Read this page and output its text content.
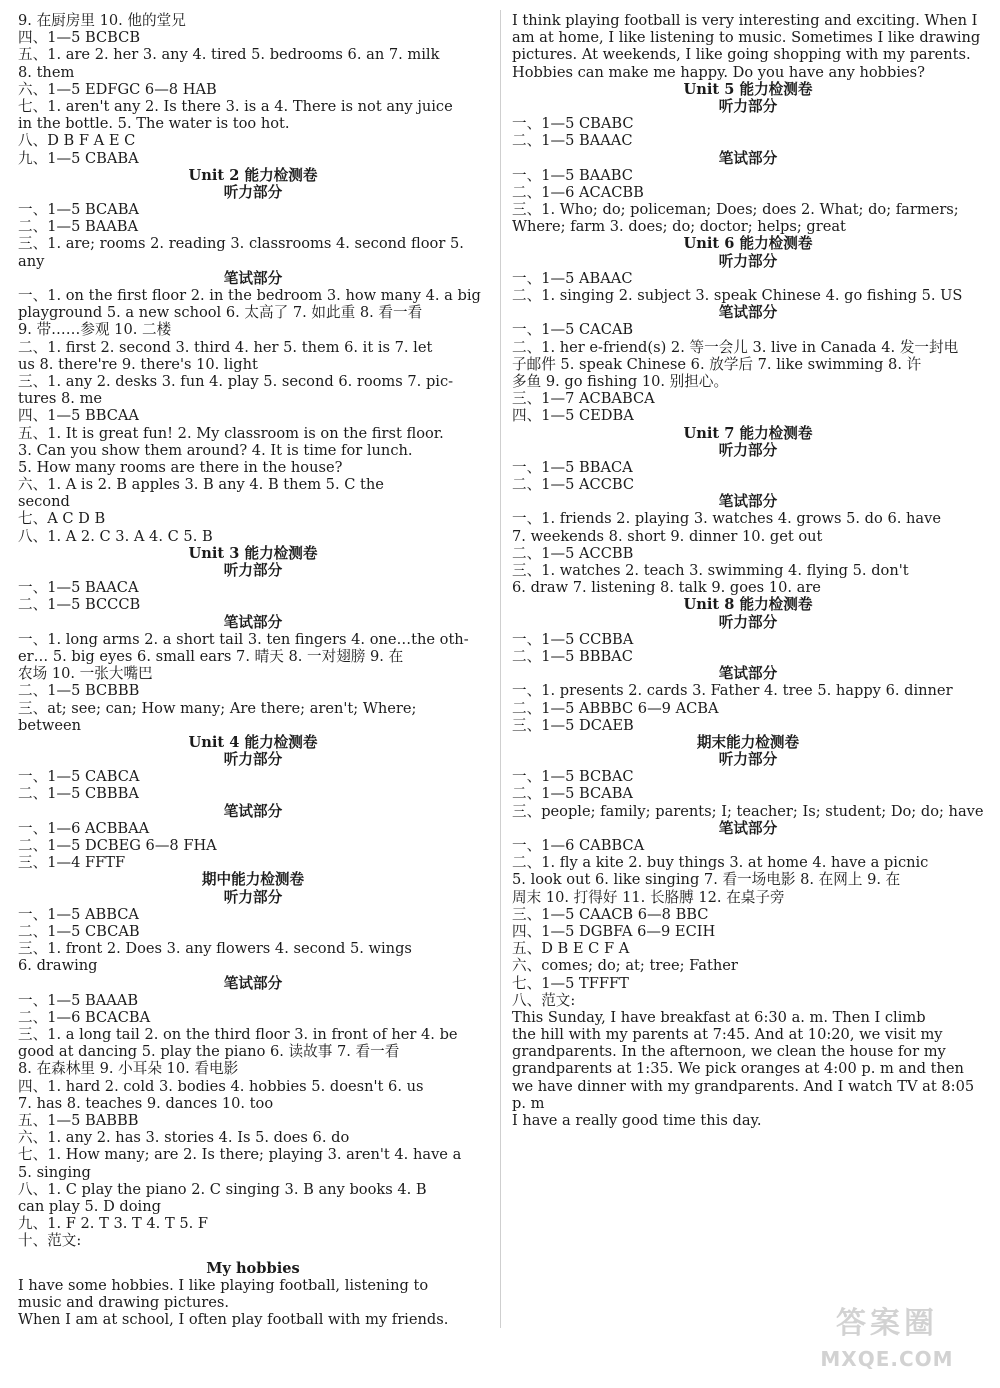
9. 在厨房里 10. 他的堂兄
四、1—5 BCBCB
五、1. are 2. her 3. any 4. tired 5. bedrooms 6. an 7. milk
8. them
六、1—5 EDFGC 6—8 HAB
七、1. aren't any 2. Is there 3. is a 4. There is not any juice
in the bottle. 5. The water is too hot.
八、D B F A E C
九、1—5 CBABA
Unit 2 能力检测卷
听力部分
一、1—5 BCABA
二、1—5 BAABA
三、1. are; rooms 2. reading 3. classrooms 4. second floor 5.
any
笔试部分
一、1. on the first floor 2. in the bedroom 3. how many 4. a big
playground 5. a new school 6. 太高了 7. 如此重 8. 看一看
9. 带……参观 10. 二楼
二、1. first 2. second 3. third 4. her 5. them 6. it is 7. let
us 8. there're 9. there's 10. light
三、1. any 2. desks 3. fun 4. play 5. second 6. rooms 7. pic-
tures 8. me
四、1—5 BBCAA
五、1. It is great fun! 2. My classroom is on the first floor.
3. Can you show them around? 4. It is time for lunch.
5. How many rooms are there in the house?
六、1. A is 2. B apples 3. B any 4. B them 5. C the
second
七、A C D B
八、1. A 2. C 3. A 4. C 5. B
Unit 3 能力检测卷
听力部分
一、1—5 BAACA
二、1—5 BCCCB
笔试部分
一、1. long arms 2. a short tail 3. ten fingers 4. one…the oth-
er… 5. big eyes 6. small ears 7. 晴天 8. 一对翅膀 9. 在
农场 10. 一张大嘴巴
二、1—5 BCBBB
三、at; see; can; How many; Are there; aren't; Where;
between
Unit 4 能力检测卷
听力部分
一、1—5 CABCA
二、1—5 CBBBA
笔试部分
一、1—6 ACBBAA
二、1—5 DCBEG 6—8 FHA
三、1—4 FFTF
期中能力检测卷
听力部分
一、1—5 ABBCA
二、1—5 CBCAB
三、1. front 2. Does 3. any flowers 4. second 5. wings
6. drawing
笔试部分
一、1—5 BAAAB
二、1—6 BCACBA
三、1. a long tail 2. on the third floor 3. in front of her 4. be
good at dancing 5. play the piano 6. 读故事 7. 看一看
8. 在森林里 9. 小耳朵 10. 看电影
四、1. hard 2. cold 3. bodies 4. hobbies 5. doesn't 6. us
7. has 8. teaches 9. dances 10. too
五、1—5 BABBB
六、1. any 2. has 3. stories 4. Is 5. does 6. do
七、1. How many; are 2. Is there; playing 3. aren't 4. have a
5. singing
八、1. C play the piano 2. C singing 3. B any books 4. B
can play 5. D doing
九、1. F 2. T 3. T 4. T 5. F
十、范文:
My hobbies
I have some hobbies. I like playing football, listening to
music and drawing pictures.
When I am at school, I often play football with my friends.
I think playing football is very interesting and exciting. When I
am at home, I like listening to music. Sometimes I like drawing
pictures. At weekends, I like going shopping with my parents.
Hobbies can make me happy. Do you have any hobbies?
Unit 5 能力检测卷
听力部分
一、1—5 CBABC
二、1—5 BAAAC
笔试部分
一、1—5 BAABC
二、1—6 ACACBB
三、1. Who; do; policeman; Does; does 2. What; do; farmers;
Where; farm 3. does; do; doctor; helps; great
Unit 6 能力检测卷
听力部分
一、1—5 ABAAC
二、1. singing 2. subject 3. speak Chinese 4. go fishing 5. US
笔试部分
一、1—5 CACAB
二、1. her e-friend(s) 2. 等一会儿 3. live in Canada 4. 发一封电
子邮件 5. speak Chinese 6. 放学后 7. like swimming 8. 许
多鱼 9. go fishing 10. 别担心。
三、1—7 ACBABCA
四、1—5 CEDBA
Unit 7 能力检测卷
听力部分
一、1—5 BBACA
二、1—5 ACCBC
笔试部分
一、1. friends 2. playing 3. watches 4. grows 5. do 6. have
7. weekends 8. short 9. dinner 10. get out
二、1—5 ACCBB
三、1. watches 2. teach 3. swimming 4. flying 5. don't
6. draw 7. listening 8. talk 9. goes 10. are
Unit 8 能力检测卷
听力部分
一、1—5 CCBBA
二、1—5 BBBAC
笔试部分
一、1. presents 2. cards 3. Father 4. tree 5. happy 6. dinner
二、1—5 ABBBC 6—9 ACBA
三、1—5 DCAEB
期末能力检测卷
听力部分
一、1—5 BCBAC
二、1—5 BCABA
三、people; family; parents; I; teacher; Is; student; Do; do; have
笔试部分
一、1—6 CABBCA
二、1. fly a kite 2. buy things 3. at home 4. have a picnic
5. look out 6. like singing 7. 看一场电影 8. 在网上 9. 在
周末 10. 打得好 11. 长胳膊 12. 在桌子旁
三、1—5 CAACB 6—8 BBC
四、1—5 DGBFA 6—9 ECIH
五、D B E C F A
六、comes; do; at; tree; Father
七、1—5 TFFFT
八、范文:
This Sunday, I have breakfast at 6:30 a. m. Then I climb
the hill with my parents at 7:45. And at 10:20, we visit my
grandparents. In the afternoon, we clean the house for my
grandparents at 1:35. We pick oranges at 4:00 p. m and then
we have dinner with my grandparents. And I watch TV at 8:05
p. m
I have a really good time this day.
答案圈
MXQE.COM
